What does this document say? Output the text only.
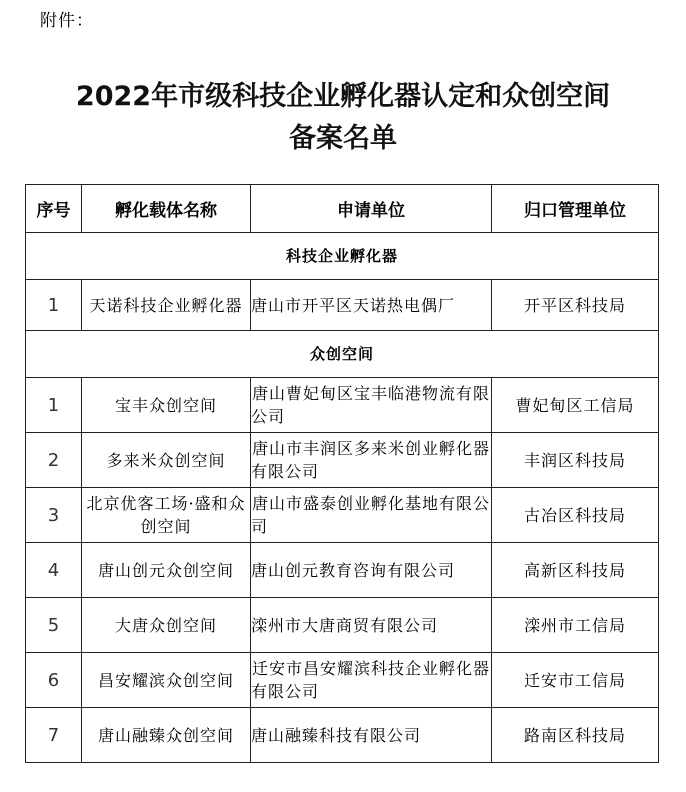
附件：
2022年市级科技企业孵化器认定和众创空间
备案名单
序号	孵化载体名称	申请单位	归口管理单位
科技企业孵化器			
1	天诺科技企业孵化器	唐山市开平区天诺热电偶厂	开平区科技局
众创空间			
1	宝丰众创空间	唐山曹妃甸区宝丰临港物流有限公司	曹妃甸区工信局
2	多来米众创空间	唐山市丰润区多来米创业孵化器有限公司	丰润区科技局
3	北京优客工场·盛和众创空间	唐山市盛泰创业孵化基地有限公司	古冶区科技局
4	唐山创元众创空间	唐山创元教育咨询有限公司	高新区科技局
5	大唐众创空间	滦州市大唐商贸有限公司	滦州市工信局
6	昌安耀滨众创空间	迁安市昌安耀滨科技企业孵化器有限公司	迁安市工信局
7	唐山融臻众创空间	唐山融臻科技有限公司	路南区科技局
